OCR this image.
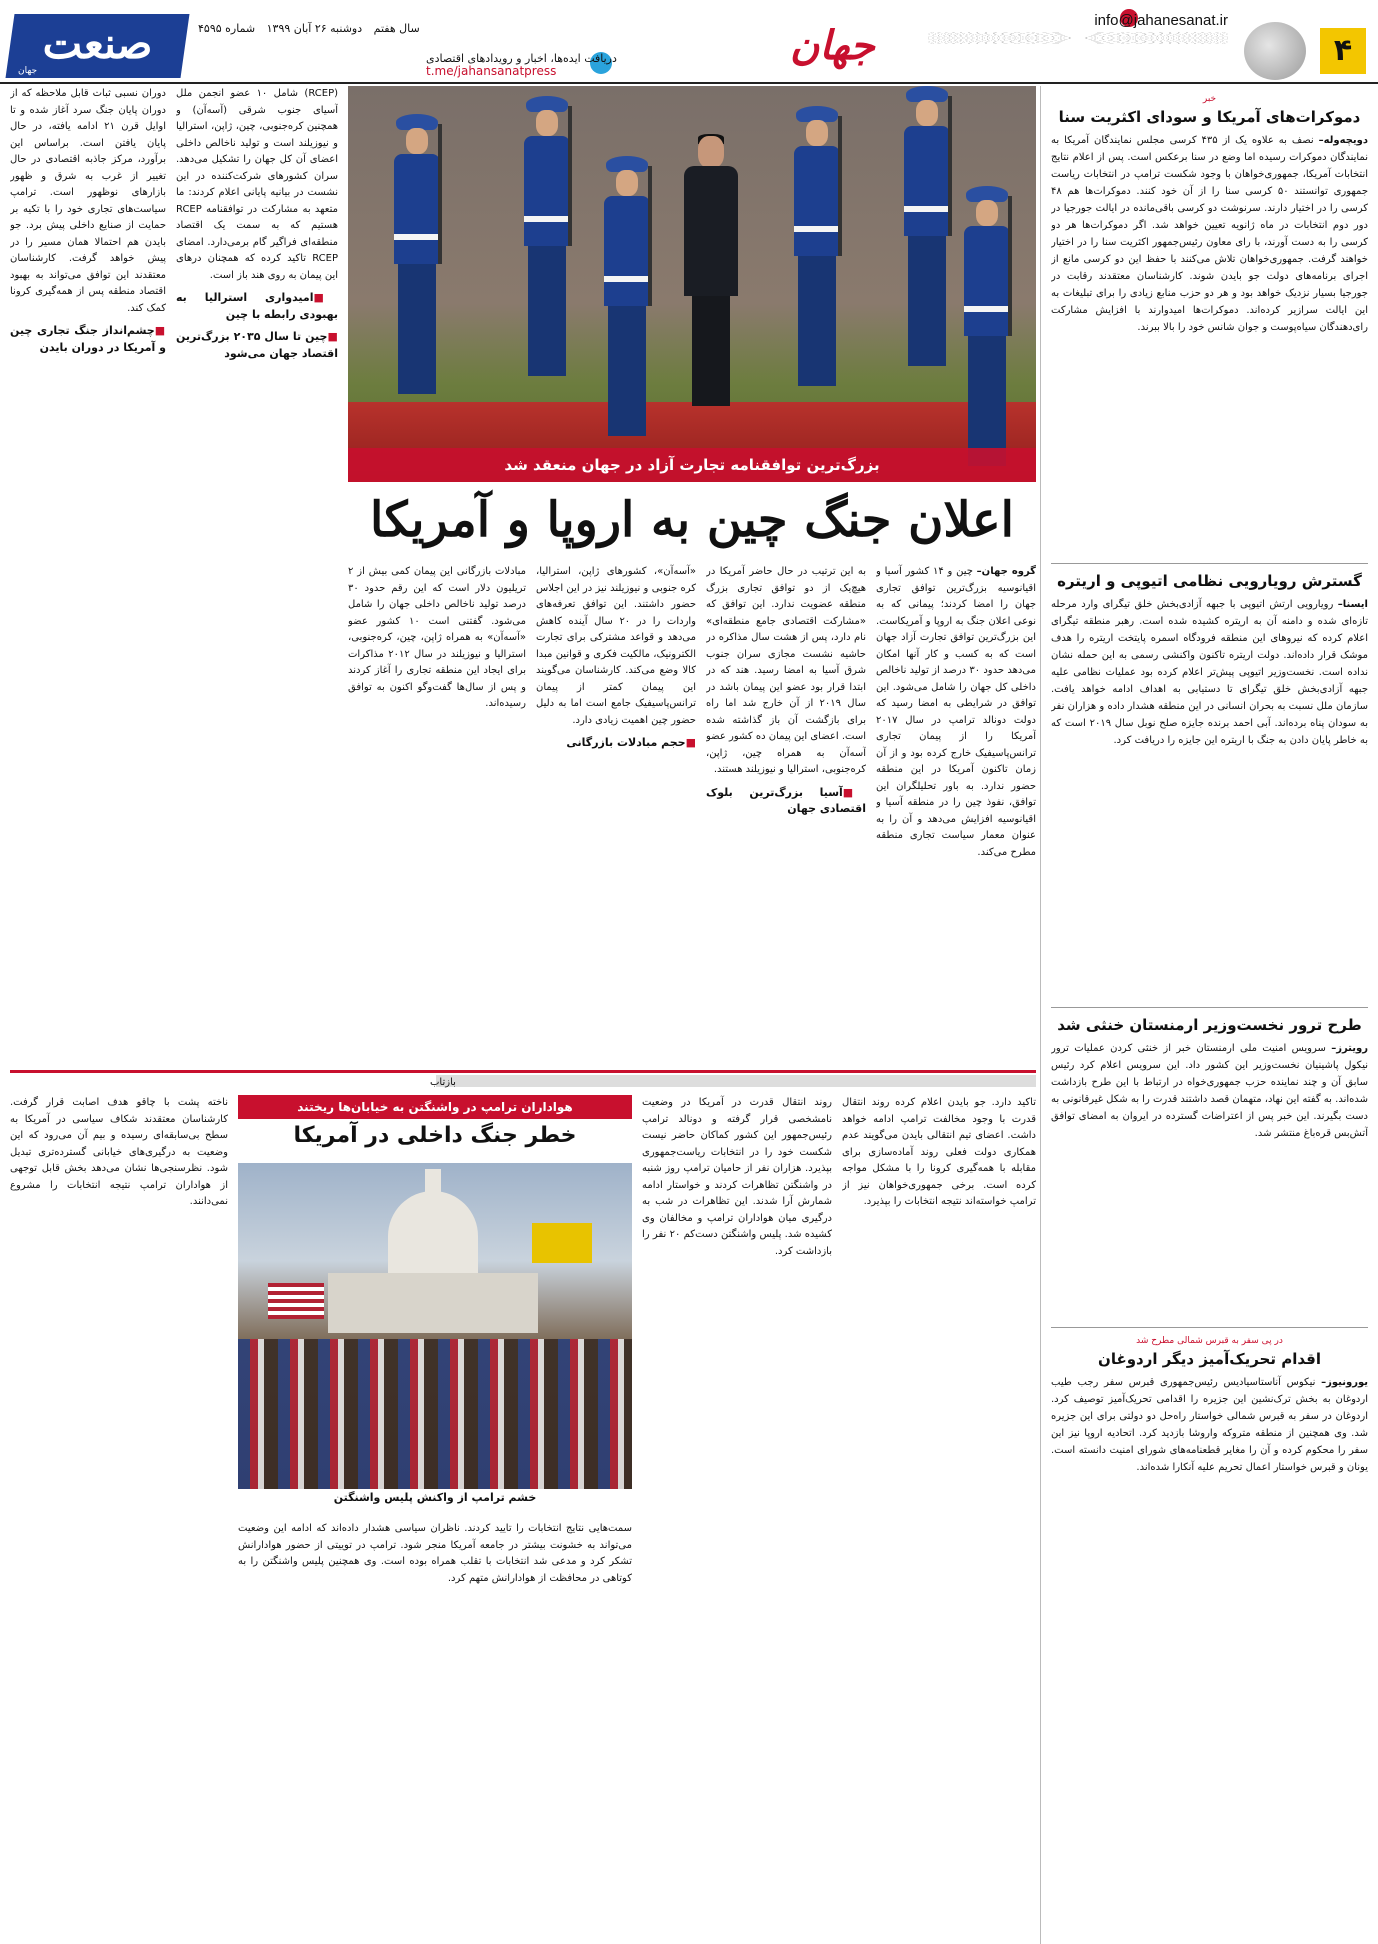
۴
info@jahanesanat.ir
جهان
دریافت ایده‌ها، اخبار و رویدادهای اقتصادی
t.me/jahansanatpress
سال هفتم دوشنبه ۲۶ آبان ۱۳۹۹ شماره ۴۵۹۵
صنعت
جهان
خبر
دموکرات‌های آمریکا و سودای اکثریت سنا
دویچه‌وله– نصف به علاوه یک از ۴۳۵ کرسی مجلس نمایندگان آمریکا به نمایندگان دموکرات رسیده اما وضع در سنا برعکس است. پس از اعلام نتایج انتخابات آمریکا، جمهوری‌خواهان با وجود شکست ترامپ در انتخابات ریاست جمهوری توانستند ۵۰ کرسی سنا را از آن خود کنند. دموکرات‌ها هم ۴۸ کرسی را در اختیار دارند. سرنوشت دو کرسی باقی‌مانده در ایالت جورجیا در دور دوم انتخابات در ماه ژانویه تعیین خواهد شد. اگر دموکرات‌ها هر دو کرسی را به دست آورند، با رای معاون رئیس‌جمهور اکثریت سنا را در اختیار خواهند گرفت. جمهوری‌خواهان تلاش می‌کنند با حفظ این دو کرسی مانع از اجرای برنامه‌های دولت جو بایدن شوند. کارشناسان معتقدند رقابت در جورجیا بسیار نزدیک خواهد بود و هر دو حزب منابع زیادی را برای تبلیغات به این ایالت سرازیر کرده‌اند. دموکرات‌ها امیدوارند با افزایش مشارکت رای‌دهندگان سیاه‌پوست و جوان شانس خود را بالا ببرند.
گسترش رویارویی نظامی اتیوپی و اریتره
ایسنا– رویارویی ارتش اتیوپی با جبهه آزادی‌بخش خلق تیگرای وارد مرحله تازه‌ای شده و دامنه آن به اریتره کشیده شده است. رهبر منطقه تیگرای اعلام کرده که نیروهای این منطقه فرودگاه اسمره پایتخت اریتره را هدف موشک قرار داده‌اند. دولت اریتره تاکنون واکنشی رسمی به این حمله نشان نداده است. نخست‌وزیر اتیوپی پیش‌تر اعلام کرده بود عملیات نظامی علیه جبهه آزادی‌بخش خلق تیگرای تا دستیابی به اهداف ادامه خواهد یافت. سازمان ملل نسبت به بحران انسانی در این منطقه هشدار داده و هزاران نفر به سودان پناه برده‌اند. آبی احمد برنده جایزه صلح نوبل سال ۲۰۱۹ است که به خاطر پایان دادن به جنگ با اریتره این جایزه را دریافت کرد.
طرح ترور نخست‌وزیر ارمنستان خنثی شد
رویترز– سرویس امنیت ملی ارمنستان خبر از خنثی کردن عملیات ترور نیکول پاشینیان نخست‌وزیر این کشور داد. این سرویس اعلام کرد رئیس سابق آن و چند نماینده حزب جمهوری‌خواه در ارتباط با این طرح بازداشت شده‌اند. به گفته این نهاد، متهمان قصد داشتند قدرت را به شکل غیرقانونی به دست بگیرند. این خبر پس از اعتراضات گسترده در ایروان به امضای توافق آتش‌بس قره‌باغ منتشر شد.
در پی سفر به قبرس شمالی مطرح شد
اقدام تحریک‌آمیز دیگر اردوغان
یورونیوز– نیکوس آناستاسیادیس رئیس‌جمهوری قبرس سفر رجب طیب اردوغان به بخش ترک‌نشین این جزیره را اقدامی تحریک‌آمیز توصیف کرد. اردوغان در سفر به قبرس شمالی خواستار راه‌حل دو دولتی برای این جزیره شد. وی همچنین از منطقه متروکه واروشا بازدید کرد. اتحادیه اروپا نیز این سفر را محکوم کرده و آن را مغایر قطعنامه‌های شورای امنیت دانسته است. یونان و قبرس خواستار اعمال تحریم علیه آنکارا شده‌اند.
بزرگ‌ترین توافقنامه تجارت آزاد در جهان منعقد شد
اعلان جنگ چین به اروپا و آمریکا
گروه جهان– چین و ۱۴ کشور آسیا و اقیانوسیه بزرگ‌ترین توافق تجاری جهان را امضا کردند؛ پیمانی که به نوعی اعلان جنگ به اروپا و آمریکاست. این بزرگ‌ترین توافق تجارت آزاد جهان است که به کسب و کار آنها امکان می‌دهد حدود ۳۰ درصد از تولید ناخالص داخلی کل جهان را شامل می‌شود. این توافق در شرایطی به امضا رسید که دولت دونالد ترامپ در سال ۲۰۱۷ آمریکا را از پیمان تجاری ترانس‌پاسیفیک خارج کرده بود و از آن زمان تاکنون آمریکا در این منطقه حضور ندارد. به باور تحلیلگران این توافق، نفوذ چین را در منطقه آسیا و اقیانوسیه افزایش می‌دهد و آن را به عنوان معمار سیاست تجاری منطقه مطرح می‌کند.
به این ترتیب در حال حاضر آمریکا در هیچ‌یک از دو توافق تجاری بزرگ منطقه عضویت ندارد. این توافق که «مشارکت اقتصادی جامع منطقه‌ای» نام دارد، پس از هشت سال مذاکره در حاشیه نشست مجازی سران جنوب شرق آسیا به امضا رسید. هند که در ابتدا قرار بود عضو این پیمان باشد در سال ۲۰۱۹ از آن خارج شد اما راه برای بازگشت آن باز گذاشته شده است. اعضای این پیمان ده کشور عضو آسه‌آن به همراه چین، ژاپن، کره‌جنوبی، استرالیا و نیوزیلند هستند.
■ آسیا بزرگ‌ترین بلوک اقتصادی جهان
«آسه‌آن»، کشورهای ژاپن، استرالیا، کره جنوبی و نیوزیلند نیز در این اجلاس حضور داشتند. این توافق تعرفه‌های واردات را در ۲۰ سال آینده کاهش می‌دهد و قواعد مشترکی برای تجارت الکترونیک، مالکیت فکری و قوانین مبدا کالا وضع می‌کند. کارشناسان می‌گویند این پیمان کمتر از پیمان ترانس‌پاسیفیک جامع است اما به دلیل حضور چین اهمیت زیادی دارد.
■ حجم مبادلات بازرگانی
مبادلات بازرگانی این پیمان کمی بیش از ۲ تریلیون دلار است که این رقم حدود ۳۰ درصد تولید ناخالص داخلی جهان را شامل می‌شود. گفتنی است ۱۰ کشور عضو «آسه‌آن» به همراه ژاپن، چین، کره‌جنوبی، استرالیا و نیوزیلند در سال ۲۰۱۲ مذاکرات برای ایجاد این منطقه تجاری را آغاز کردند و پس از سال‌ها گفت‌وگو اکنون به توافق رسیده‌اند.
(RCEP) شامل ۱۰ عضو انجمن ملل آسیای جنوب شرقی (آسه‌آن) و همچنین کره‌جنوبی، چین، ژاپن، استرالیا و نیوزیلند است و تولید ناخالص داخلی اعضای آن کل جهان را تشکیل می‌دهد. سران کشورهای شرکت‌کننده در این نشست در بیانیه پایانی اعلام کردند: ما متعهد به مشارکت در توافقنامه RCEP هستیم که به سمت یک اقتصاد منطقه‌ای فراگیر گام برمی‌دارد. امضای RCEP تاکید کرده که همچنان درهای این پیمان به روی هند باز است.
■ امیدواری استرالیا به بهبودی رابطه با چین
■ چین تا سال ۲۰۳۵ بزرگ‌ترین اقتصاد جهان می‌شود
دوران نسبی ثبات قابل ملاحظه که از دوران پایان جنگ سرد آغاز شده و تا اوایل قرن ۲۱ ادامه یافته، در حال پایان یافتن است. براساس این برآورد، مرکز جاذبه اقتصادی در حال تغییر از غرب به شرق و ظهور بازارهای نوظهور است. ترامپ سیاست‌های تجاری خود را با تکیه بر حمایت از صنایع داخلی پیش برد. جو بایدن هم احتمالا همان مسیر را در پیش خواهد گرفت. کارشناسان معتقدند این توافق می‌تواند به بهبود اقتصاد منطقه پس از همه‌گیری کرونا کمک کند.
■ چشم‌انداز جنگ تجاری چین و آمریکا در دوران بایدن
بازتاب
هواداران ترامپ در واشنگتن به خیابان‌ها ریختند
خطر جنگ داخلی در آمریکا
خشم ترامپ از واکنش پلیس واشنگتن
روند انتقال قدرت در آمریکا در وضعیت نامشخصی قرار گرفته و دونالد ترامپ رئیس‌جمهور این کشور کماکان حاضر نیست شکست خود را در انتخابات ریاست‌جمهوری بپذیرد. هزاران نفر از حامیان ترامپ روز شنبه در واشنگتن تظاهرات کردند و خواستار ادامه شمارش آرا شدند. این تظاهرات در شب به درگیری میان هواداران ترامپ و مخالفان وی کشیده شد. پلیس واشنگتن دست‌کم ۲۰ نفر را بازداشت کرد.
سمت‌هایی نتایج انتخابات را تایید کردند. ناظران سیاسی هشدار داده‌اند که ادامه این وضعیت می‌تواند به خشونت بیشتر در جامعه آمریکا منجر شود. ترامپ در توییتی از حضور هوادارانش تشکر کرد و مدعی شد انتخابات با تقلب همراه بوده است. وی همچنین پلیس واشنگتن را به کوتاهی در محافظت از هوادارانش متهم کرد.
تاکید دارد. جو بایدن اعلام کرده روند انتقال قدرت با وجود مخالفت ترامپ ادامه خواهد داشت. اعضای تیم انتقالی بایدن می‌گویند عدم همکاری دولت فعلی روند آماده‌سازی برای مقابله با همه‌گیری کرونا را با مشکل مواجه کرده است. برخی جمهوری‌خواهان نیز از ترامپ خواسته‌اند نتیجه انتخابات را بپذیرد.
ناخته پشت با چاقو هدف اصابت قرار گرفت. کارشناسان معتقدند شکاف سیاسی در آمریکا به سطح بی‌سابقه‌ای رسیده و بیم آن می‌رود که این وضعیت به درگیری‌های خیابانی گسترده‌تری تبدیل شود. نظرسنجی‌ها نشان می‌دهد بخش قابل توجهی از هواداران ترامپ نتیجه انتخابات را مشروع نمی‌دانند.
